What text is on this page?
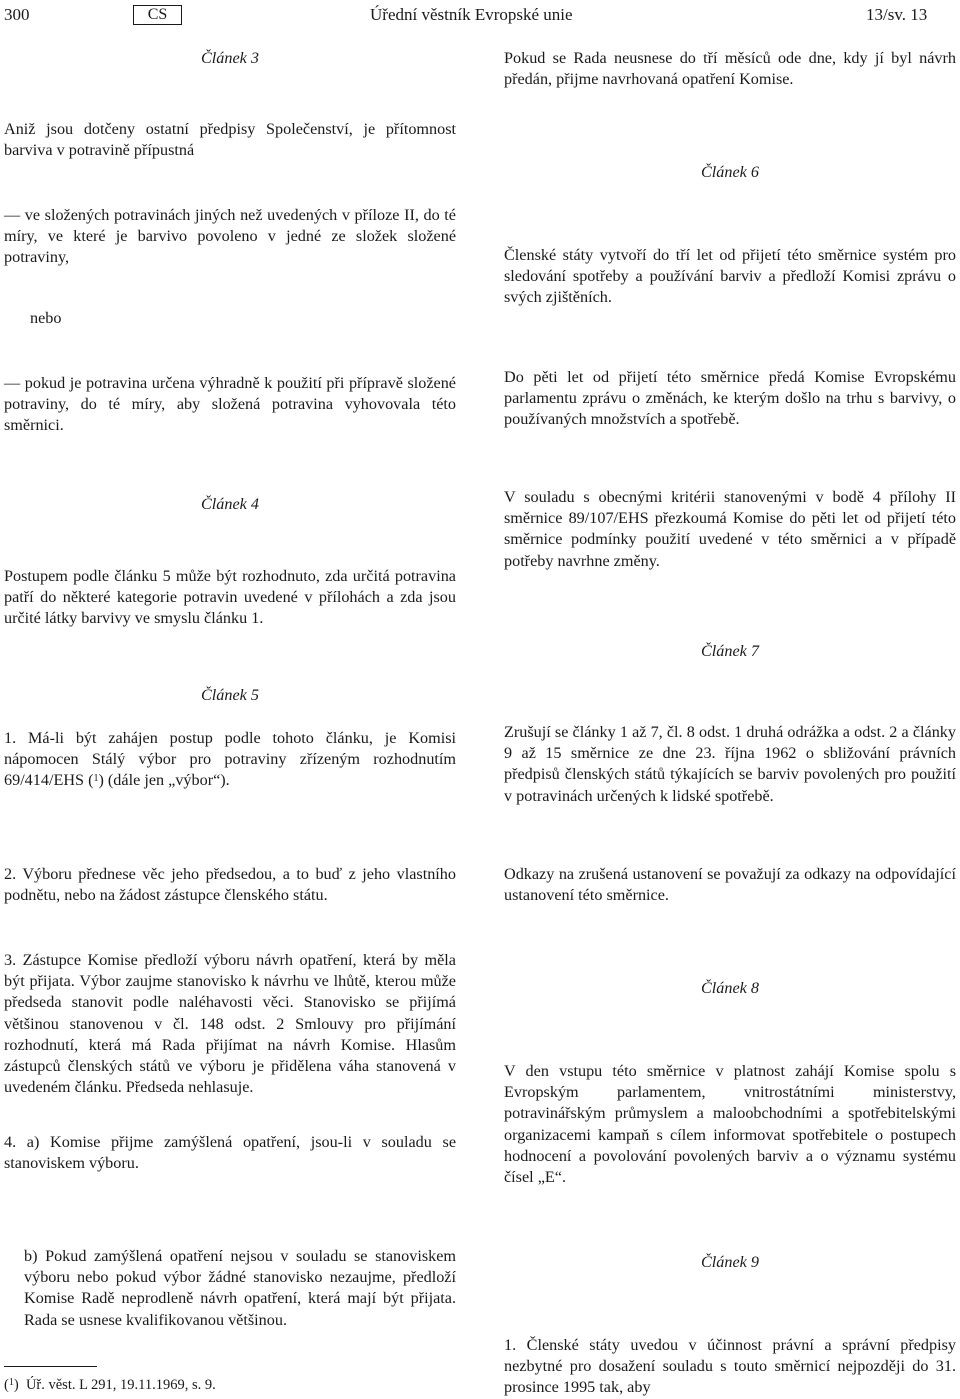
300	CS	Úřední věstník Evropské unie	13/sv. 13
Článek 3
Aniž jsou dotčeny ostatní předpisy Společenství, je přítomnost barviva v potravině přípustná
— ve složených potravinách jiných než uvedených v příloze II, do té míry, ve které je barvivo povoleno v jedné ze složek složené potraviny,
nebo
— pokud je potravina určena výhradně k použití při přípravě složené potraviny, do té míry, aby složená potravina vyhovovala této směrnici.
Článek 4
Postupem podle článku 5 může být rozhodnuto, zda určitá potravina patří do některé kategorie potravin uvedené v přílohách a zda jsou určité látky barvivy ve smyslu článku 1.
Článek 5
1. Má-li být zahájen postup podle tohoto článku, je Komisi nápomocen Stálý výbor pro potraviny zřízeným rozhodnutím 69/414/EHS ($^1$) (dále jen „výbor“).
2. Výboru přednese věc jeho předsedou, a to buď z jeho vlastního podnětu, nebo na žádost zástupce členského státu.
3. Zástupce Komise předloží výboru návrh opatření, která by měla být přijata. Výbor zaujme stanovisko k návrhu ve lhůtě, kterou může předseda stanovit podle naléhavosti věci. Stanovisko se přijímá většinou stanovenou v čl. 148 odst. 2 Smlouvy pro přijímání rozhodnutí, která má Rada přijímat na návrh Komise. Hlasům zástupců členských států ve výboru je přidělena váha stanovená v uvedeném článku. Předseda nehlasuje.
4. a) Komise přijme zamýšlená opatření, jsou-li v souladu se stanoviskem výboru.
b) Pokud zamýšlená opatření nejsou v souladu se stanoviskem výboru nebo pokud výbor žádné stanovisko nezaujme, předloží Komise Radě neprodleně návrh opatření, která mají být přijata. Rada se usnese kvalifikovanou většinou.
($^1$)  Úř. věst. L 291, 19.11.1969, s. 9.
Pokud se Rada neusnese do tří měsíců ode dne, kdy jí byl návrh předán, přijme navrhovaná opatření Komise.
Článek 6
Členské státy vytvoří do tří let od přijetí této směrnice systém pro sledování spotřeby a používání barviv a předloží Komisi zprávu o svých zjištěních.
Do pěti let od přijetí této směrnice předá Komise Evropskému parlamentu zprávu o změnách, ke kterým došlo na trhu s barvivy, o používaných množstvích a spotřebě.
V souladu s obecnými kritérii stanovenými v bodě 4 přílohy II směrnice 89/107/EHS přezkoumá Komise do pěti let od přijetí této směrnice podmínky použití uvedené v této směrnici a v případě potřeby navrhne změny.
Článek 7
Zrušují se články 1 až 7, čl. 8 odst. 1 druhá odrážka a odst. 2 a články 9 až 15 směrnice ze dne 23. října 1962 o sbližování právních předpisů členských států týkajících se barviv povolených pro použití v potravinách určených k lidské spotřebě.
Odkazy na zrušená ustanovení se považují za odkazy na odpovídající ustanovení této směrnice.
Článek 8
V den vstupu této směrnice v platnost zahájí Komise spolu s Evropským parlamentem, vnitrostátními ministerstvy, potravinářským průmyslem a maloobchodními a spotřebitelskými organizacemi kampaň s cílem informovat spotřebitele o postupech hodnocení a povolování povolených barviv a o významu systému čísel „E“.
Článek 9
1. Členské státy uvedou v účinnost právní a správní předpisy nezbytné pro dosažení souladu s touto směrnicí nejpozději do 31. prosince 1995 tak, aby
